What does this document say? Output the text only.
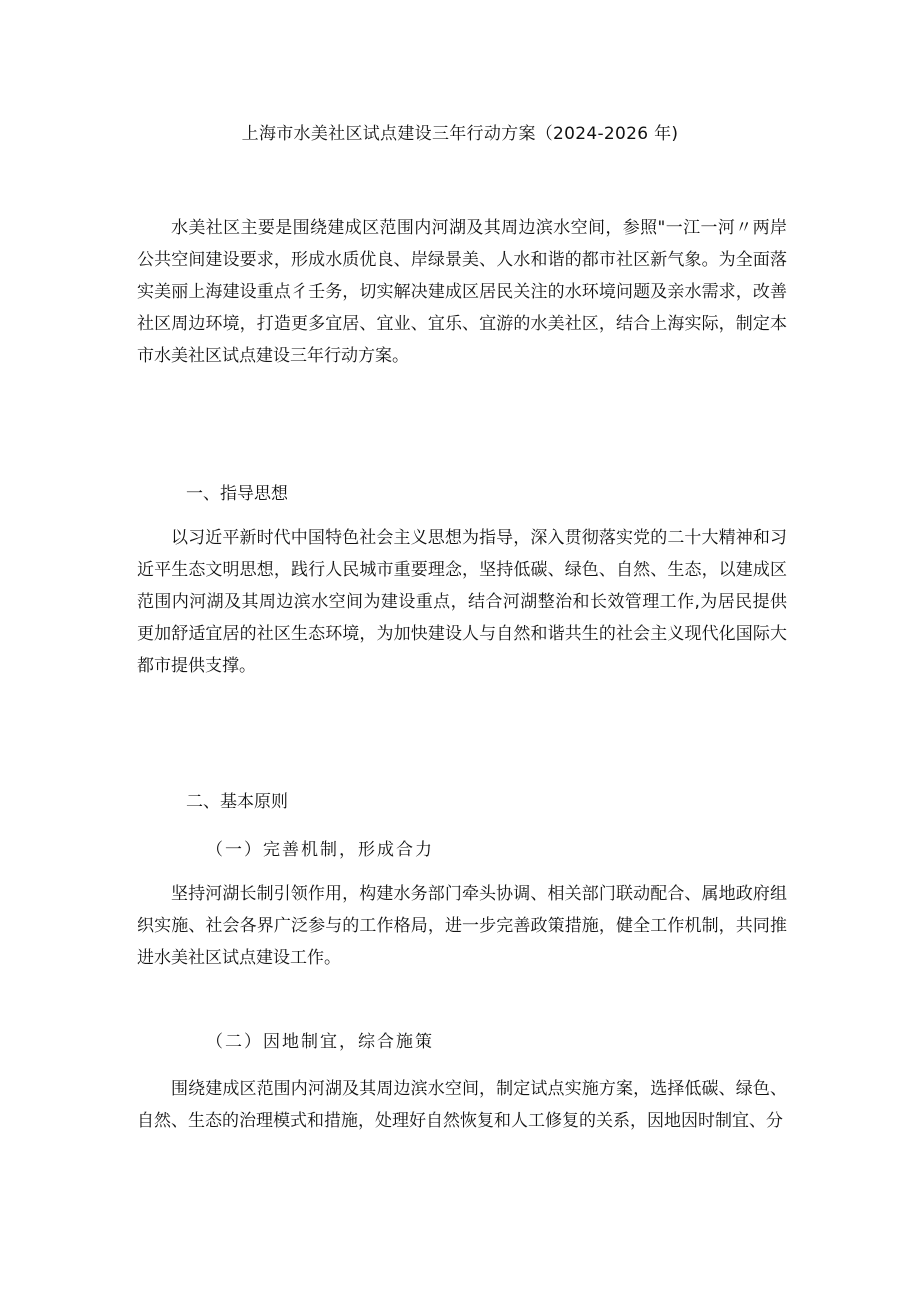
上海市水美社区试点建设三年行动方案（2024-2026 年)

水美社区主要是围绕建成区范围内河湖及其周边滨水空间，参照"一江一河〃两岸公共空间建设要求，形成水质优良、岸绿景美、人水和谐的都市社区新气象。为全面落实美丽上海建设重点彳壬务，切实解决建成区居民关注的水环境问题及亲水需求，改善社区周边环境，打造更多宜居、宜业、宜乐、宜游的水美社区，结合上海实际，制定本市水美社区试点建设三年行动方案。

一、指导思想

以习近平新时代中国特色社会主义思想为指导，深入贯彻落实党的二十大精神和习近平生态文明思想，践行人民城市重要理念，坚持低碳、绿色、自然、生态，以建成区范围内河湖及其周边滨水空间为建设重点，结合河湖整治和长效管理工作,为居民提供更加舒适宜居的社区生态环境，为加快建设人与自然和谐共生的社会主义现代化国际大都市提供支撑。

二、基本原则
（一）完善机制，形成合力

坚持河湖长制引领作用，构建水务部门牵头协调、相关部门联动配合、属地政府组织实施、社会各界广泛参与的工作格局，进一步完善政策措施，健全工作机制，共同推进水美社区试点建设工作。

（二）因地制宜，综合施策

围绕建成区范围内河湖及其周边滨水空间，制定试点实施方案，选择低碳、绿色、自然、生态的治理模式和措施，处理好自然恢复和人工修复的关系，因地因时制宜、分
